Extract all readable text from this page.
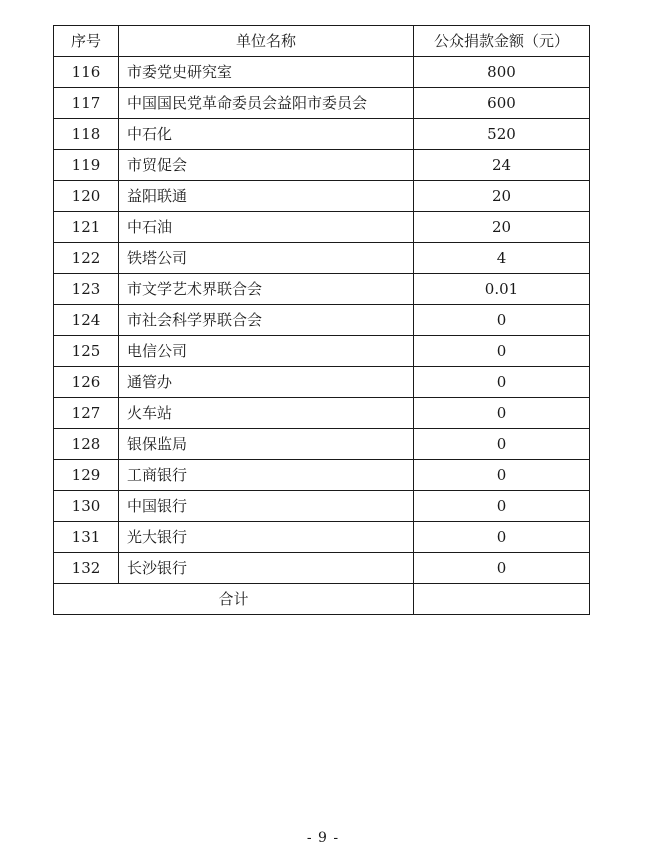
序号	单位名称	公众捐款金额（元）
116	市委党史研究室	800
117	中国国民党革命委员会益阳市委员会	600
118	中石化	520
119	市贸促会	24
120	益阳联通	20
121	中石油	20
122	铁塔公司	4
123	市文学艺术界联合会	0.01
124	市社会科学界联合会	0
125	电信公司	0
126	通管办	0
127	火车站	0
128	银保监局	0
129	工商银行	0
130	中国银行	0
131	光大银行	0
132	长沙银行	0
合计		
- 9 -
